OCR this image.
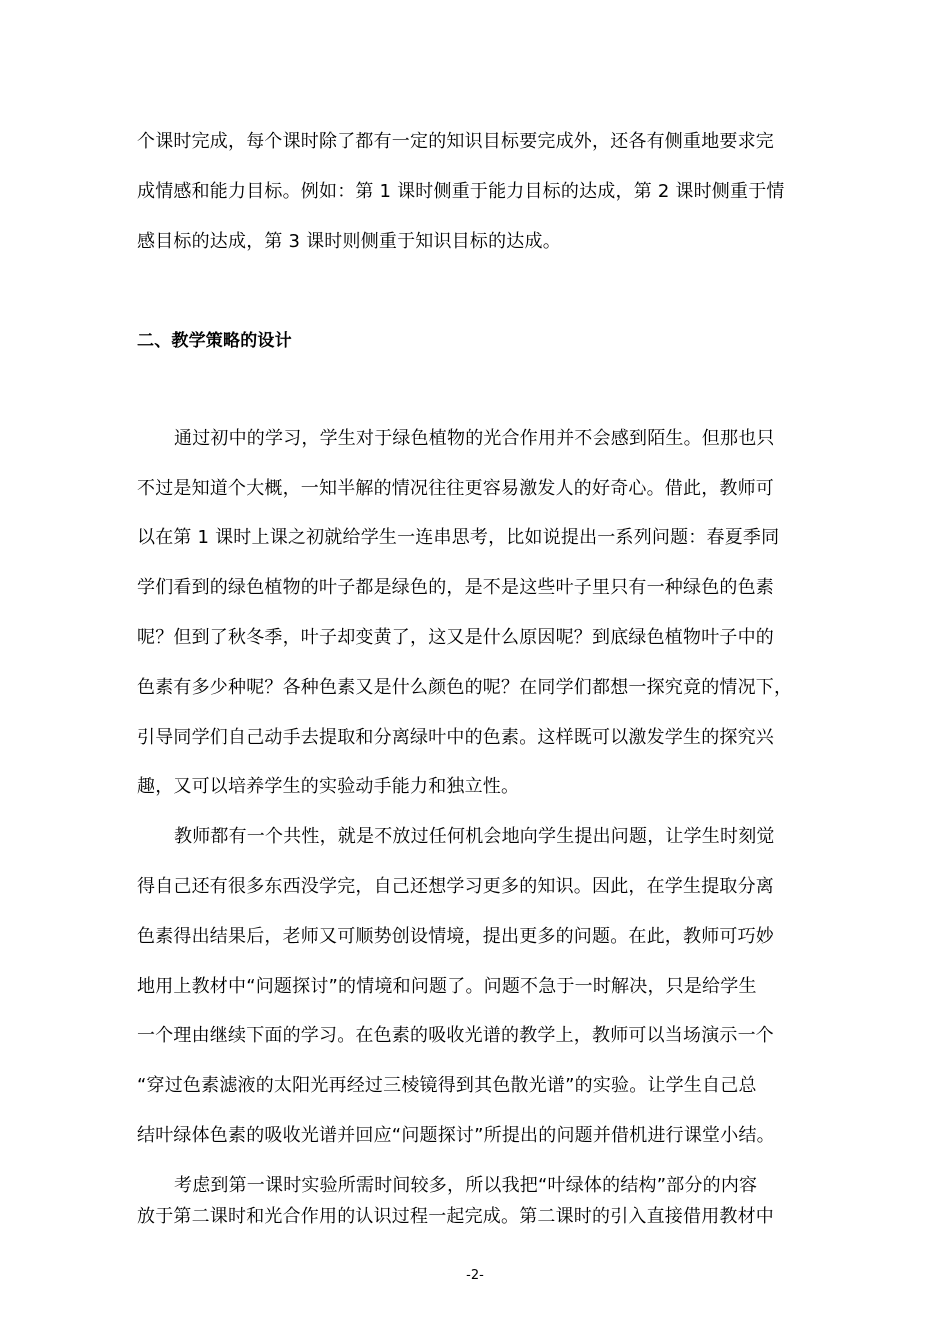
个课时完成，每个课时除了都有一定的知识目标要完成外，还各有侧重地要求完
成情感和能力目标。例如：第 1 课时侧重于能力目标的达成，第 2 课时侧重于情
感目标的达成，第 3 课时则侧重于知识目标的达成。
二、教学策略的设计
通过初中的学习，学生对于绿色植物的光合作用并不会感到陌生。但那也只
不过是知道个大概，一知半解的情况往往更容易激发人的好奇心。借此，教师可
以在第 1 课时上课之初就给学生一连串思考，比如说提出一系列问题：春夏季同
学们看到的绿色植物的叶子都是绿色的，是不是这些叶子里只有一种绿色的色素
呢？但到了秋冬季，叶子却变黄了，这又是什么原因呢？到底绿色植物叶子中的
色素有多少种呢？各种色素又是什么颜色的呢？在同学们都想一探究竟的情况下，
引导同学们自己动手去提取和分离绿叶中的色素。这样既可以激发学生的探究兴
趣，又可以培养学生的实验动手能力和独立性。
教师都有一个共性，就是不放过任何机会地向学生提出问题，让学生时刻觉
得自己还有很多东西没学完，自己还想学习更多的知识。因此，在学生提取分离
色素得出结果后，老师又可顺势创设情境，提出更多的问题。在此，教师可巧妙
地用上教材中“问题探讨”的情境和问题了。问题不急于一时解决，只是给学生
一个理由继续下面的学习。在色素的吸收光谱的教学上，教师可以当场演示一个
“穿过色素滤液的太阳光再经过三棱镜得到其色散光谱”的实验。让学生自己总
结叶绿体色素的吸收光谱并回应“问题探讨”所提出的问题并借机进行课堂小结。
考虑到第一课时实验所需时间较多，所以我把“叶绿体的结构”部分的内容
放于第二课时和光合作用的认识过程一起完成。第二课时的引入直接借用教材中
-2-
